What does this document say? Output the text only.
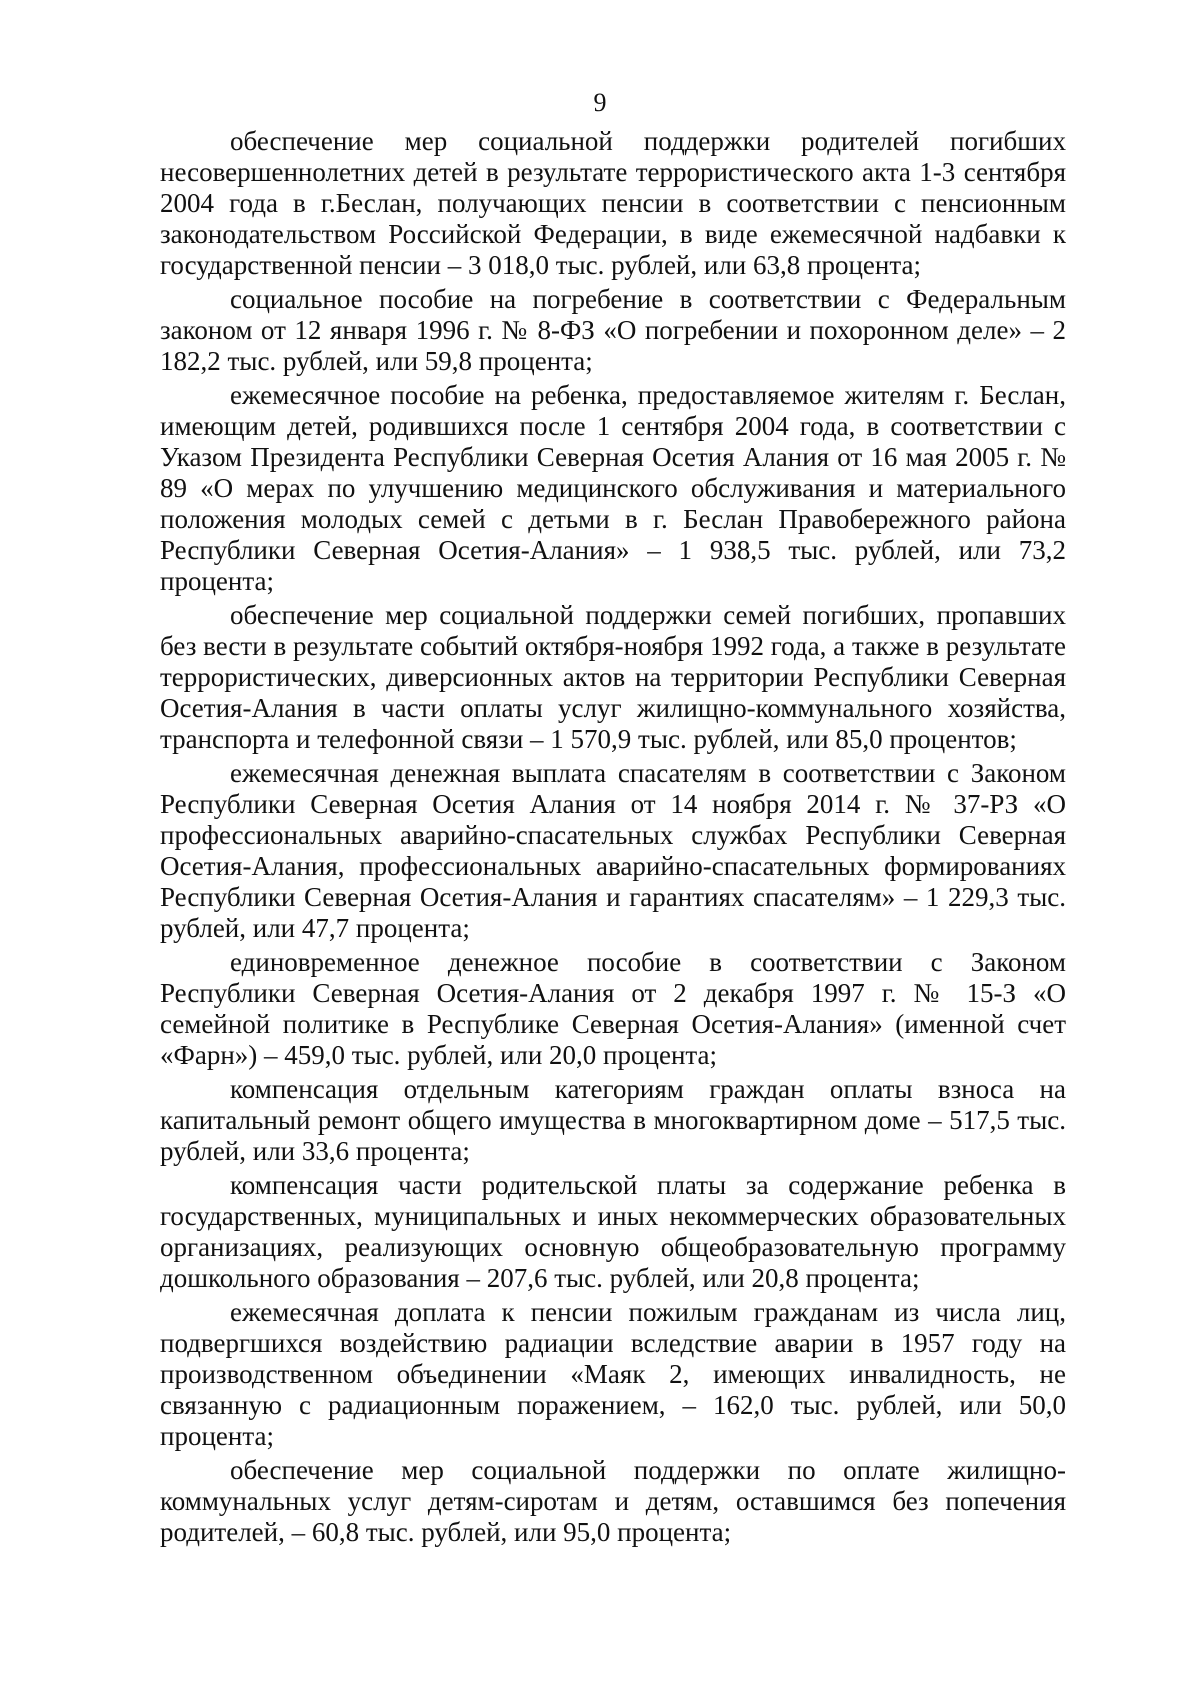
9

обеспечение мер социальной поддержки родителей погибших несовершеннолетних детей в результате террористического акта 1-3 сентября 2004 года в г.Беслан, получающих пенсии в соответствии с пенсионным законодательством Российской Федерации, в виде ежемесячной надбавки к государственной пенсии – 3 018,0 тыс. рублей, или 63,8 процента;

социальное пособие на погребение в соответствии с Федеральным законом от 12 января 1996 г. № 8-ФЗ «О погребении и похоронном деле» – 2 182,2 тыс. рублей, или 59,8 процента;

ежемесячное пособие на ребенка, предоставляемое жителям г. Беслан, имеющим детей, родившихся после 1 сентября 2004 года, в соответствии с Указом Президента Республики Северная Осетия Алания от 16 мая 2005 г. № 89 «О мерах по улучшению медицинского обслуживания и материального положения молодых семей с детьми в г. Беслан Правобережного района Республики Северная Осетия-Алания» – 1 938,5 тыс. рублей, или 73,2 процента;

обеспечение мер социальной поддержки семей погибших, пропавших без вести в результате событий октября-ноября 1992 года, а также в результате террористических, диверсионных актов на территории Республики Северная Осетия-Алания в части оплаты услуг жилищно-коммунального хозяйства, транспорта и телефонной связи – 1 570,9 тыс. рублей, или 85,0 процентов;

ежемесячная денежная выплата спасателям в соответствии с Законом Республики Северная Осетия Алания от 14 ноября 2014 г. № 37-РЗ «О профессиональных аварийно-спасательных службах Республики Северная Осетия-Алания, профессиональных аварийно-спасательных формированиях Республики Северная Осетия-Алания и гарантиях спасателям» – 1 229,3 тыс. рублей, или 47,7 процента;

единовременное денежное пособие в соответствии с Законом Республики Северная Осетия-Алания от 2 декабря 1997 г. № 15-З «О семейной политике в Республике Северная Осетия-Алания» (именной счет «Фарн») – 459,0 тыс. рублей, или 20,0 процента;

компенсация отдельным категориям граждан оплаты взноса на капитальный ремонт общего имущества в многоквартирном доме – 517,5 тыс. рублей, или 33,6 процента;

компенсация части родительской платы за содержание ребенка в государственных, муниципальных и иных некоммерческих образовательных организациях, реализующих основную общеобразовательную программу дошкольного образования – 207,6 тыс. рублей, или 20,8 процента;

ежемесячная доплата к пенсии пожилым гражданам из числа лиц, подвергшихся воздействию радиации вследствие аварии в 1957 году на производственном объединении «Маяк 2, имеющих инвалидность, не связанную с радиационным поражением, – 162,0 тыс. рублей, или 50,0 процента;

обеспечение мер социальной поддержки по оплате жилищно-коммунальных услуг детям-сиротам и детям, оставшимся без попечения родителей, – 60,8 тыс. рублей, или 95,0 процента;
